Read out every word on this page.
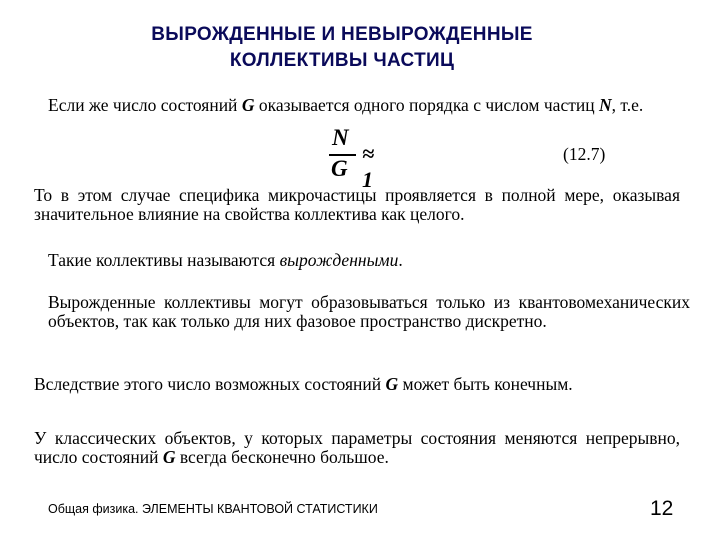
ВЫРОЖДЕННЫЕ И НЕВЫРОЖДЕННЫЕ
КОЛЛЕКТИВЫ ЧАСТИЦ
Если же число состояний G оказывается одного порядка с числом частиц N, т.е.
N
G
≈ 1
(12.7)
То в этом случае специфика микрочастицы проявляется в полной мере, оказывая значительное влияние на свойства коллектива как целого.
Такие коллективы называются вырожденными.
Вырожденные коллективы могут образовываться только из квантовомеханических объектов, так как только для них фазовое пространство дискретно.
Вследствие этого число возможных состояний G может быть конечным.
У классических объектов, у которых параметры состояния меняются непрерывно, число состояний G всегда бесконечно большое.
Общая физика. ЭЛЕМЕНТЫ КВАНТОВОЙ СТАТИСТИКИ	12
